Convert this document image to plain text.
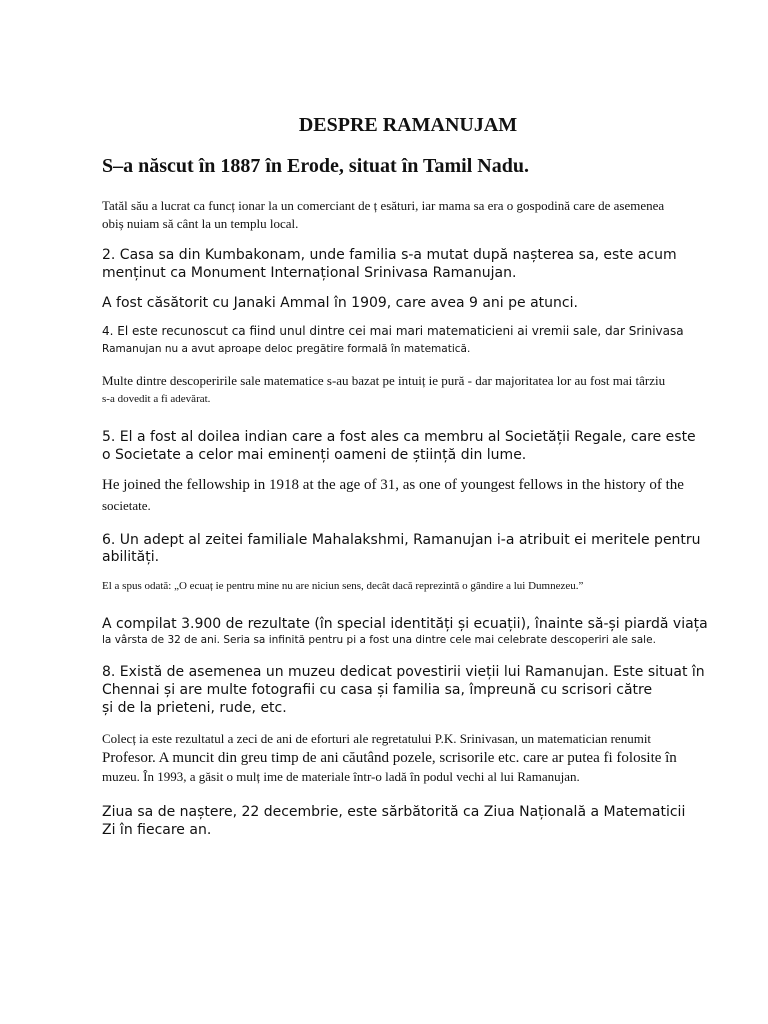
DESPRE RAMANUJAM
S–a născut în 1887 în Erode, situat în Tamil Nadu.

Tatăl său a lucrat ca funcț ionar la un comerciant de ț esături, iar mama sa era o gospodină care de asemenea

obiș nuiam să cânt la un templu local.

2. Casa sa din Kumbakonam, unde familia s-a mutat după nașterea sa, este acum

menținut ca Monument Internațional Srinivasa Ramanujan.

A fost căsătorit cu Janaki Ammal în 1909, care avea 9 ani pe atunci.

4. El este recunoscut ca fiind unul dintre cei mai mari matematicieni ai vremii sale, dar Srinivasa

Ramanujan nu a avut aproape deloc pregătire formală în matematică.

Multe dintre descoperirile sale matematice s-au bazat pe intuiț ie pură - dar majoritatea lor au fost mai târziu

s-a dovedit a fi adevărat.

5. El a fost al doilea indian care a fost ales ca membru al Societății Regale, care este

o Societate a celor mai eminenți oameni de știință din lume.

He joined the fellowship in 1918 at the age of 31, as one of youngest fellows in the history of the

societate.

6. Un adept al zeitei familiale Mahalakshmi, Ramanujan i-a atribuit ei meritele pentru

abilități.

El a spus odată: „O ecuaț ie pentru mine nu are niciun sens, decât dacă reprezintă o gândire a lui Dumnezeu.”

A compilat 3.900 de rezultate (în special identități și ecuații), înainte să-și piardă viața

la vârsta de 32 de ani. Seria sa infinită pentru pi a fost una dintre cele mai celebrate descoperiri ale sale.

8. Există de asemenea un muzeu dedicat povestirii vieții lui Ramanujan. Este situat în

Chennai și are multe fotografii cu casa și familia sa, împreună cu scrisori către

și de la prieteni, rude, etc.

Colecț ia este rezultatul a zeci de ani de eforturi ale regretatului P.K. Srinivasan, un matematician renumit

Profesor. A muncit din greu timp de ani căutând pozele, scrisorile etc. care ar putea fi folosite în

muzeu. În 1993, a găsit o mulț ime de materiale într-o ladă în podul vechi al lui Ramanujan.

Ziua sa de naștere, 22 decembrie, este sărbătorită ca Ziua Națională a Matematicii

Zi în fiecare an.
